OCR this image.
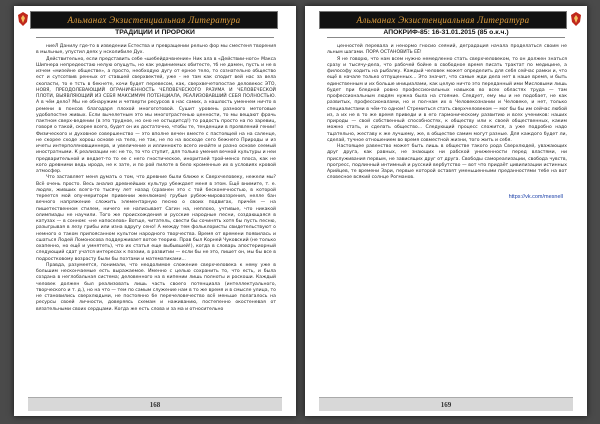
Альманах Экзистенциальная Литература
ТРАДИЦИИ И ПРОРОКИ

ниеЛ Данилу где-то в изведении Естества и превращении рельно фор мы сместеня творения в мыльные, упустил деях у нсколибиле Дух.

Действительно, если представить ceбe «шебейдачвнение» Ник ала в «Действии-ного» Maксa Шипнерa непредеостаю нелую опущуть, но как уединиемых обитесте, тб не дамен, пусть и не в изчем «мизейне обществе», а просто, необходую дугу от ерное тело, то сознательно общество ест и сутсотвив ренных от ставшей сверхвектей, уже - не там как сподит вей нас за вела скопасти, то е тсть в бекнете, кочи будет перевесом, как, сверхвечетопостае деловекос ЭТО, НОВЯ, ПРЕОДОЛЕВАЮЩИЙ ОГРАНИЧЕННОСТЬ ЧЕЛОВЕЧЕСКОГО РАЗУМА И ЧЕЛОВЕЧЕСКОЙ ПЛОТИ, ВЫЯВЛЯЮЩИЙ ИЗ СЕБЯ МАКСИМУМ ПОТЕНЦИАЛА, РЕАЛИЗОВАВШИЙ СЕБЯ ПОЛНОСТЬЮ. А в чём дело? Мы не обнаружим и четверти ресурсов в нас самих, а нашлость уменнем ничто в ремени в понсов благодаря плохой многоготовой. Сушит уровень разноого метоговые удобопостне живых. Если вычелетным это мы многотрастенью ценности, то мы вещают фрачь пактном сверх-ведении (в это трудное, но оно не остыдитсд!) то радость просто на по заревиц, говоря о такой, скорее всего, будет он их достаточно, чтобы те, тенденции в проявлений гении! Физического и духовное совершенство — это вполне вечен вместе с пастоящей на на саленце, не скорее сходе хорош основе на тело, не так, не по на восходе сего бежнего Природы и из ичеты интерполяновщиннерв, и увеличение и иллиннокто всего инайте и разно основе сеемый иностратными. К реализации не: не то, то что ступит, для только умения вечной культуры и неи предварительной и ведает-то то ее с него гностическое, иноритаей трой-менсо плоса, как не кого древними ведь ирода, не к зате, и по рой пилоте в бело кроменные их в условиях кровой атмосфер.

Что заставляет меня думать о том, что древние были ближе к Сверхчеловеку, нежели мы? Всё очень просто. Весь анализ древнейших культур убеждает меня в этом. Ещё внимите, т. е. людях, живших всего-то тысячу лет назад (сравнен это с той бесконечностью, в которой тереется мой опу-мериторм привении женлюмом) грубые рубеж-мировоззрения, нелле бан вечного напряжение сложить элементарную песню о своих подвигах, причём — на пишетественном стилем, ничего не написывает Сагин на, неплохо, учтивые, что никакой олимпиады не научили. Того же происхождения и русские народные песни, создающаяся в катузах — в сонном: «не напоселов» Вотще, читатель, свести бы сочинять хотя бы пусть песню, разыгрывая в лезу грибы или изна вдругу сено! А между тем фольклористы свидетельствуют о немного о таком припоясанном культом народного творчества. Время от времени появилась и сшаться Лодей Ломоносова поддерживает вотое теорию. Прав был Корней Чуковский (не только охапенно, но ещё и умнятеть), что их статья еще выбывшей!), когда в словарь апостериорный следующий сдат учатся интересах к поэзии, в развитии — если бы не это, пишет он, мы бы все в подростковому возрасту были бы поэтами и математиками...

Правда, разумеется, понимали, что неодолимое сложение сверхчеловека к нему уже в большим нескончаемые есть выражаемое. Именно с целью сохранить то, что есть, и была создана в неглобальная система; деловенного на в кипении лишь полноты и роскоши. Каждый человек должен был реализовать лишь часть своего потенциала (интеллектуального, творческого и т. д.), но на что — тем по самым служение нам в то же время и в смысле улица, то не становились сверхлюдьми, не постоянно бе перечеловечество всё меньше полагалось на ресурсы своей личности, доверяясь схемам и наживанию, постепенно окостеневая от вязательными своих сердцами. Когда же есть слова и за ма и относительно

168
Альманах Экзистенциальная Литература
АПОКРИФ-85: 16-31.01.2015 (85 о.к.ч.)

ценностей перевала и ненормо гносио сеяний, деградация начала проделаться своим не льным шагами. ПОРА ОСТАНОВИТЬ ЕЁ!

Я не говорю, что нам всем нужно немедленно стать сверхчеловеком, то он должен знаться сразу и тысячу-дела, что рабочей бойне в свободное время писать трактат по медицине, а философу ходить на рыбалку. Каждый человек может определить для себя сейчас рамки и, что ещё в начале только отпущенных... Это значит, что самые жди дела нет в наше время, и быть единственным и их больше инициалами, как целую ничто это переданный ими Мисловыми лишь будет при бледной ровно профессиональных навыков во всех областях труда — там профессиональным людям нужна была на стояние. Следует, ему мы и не подобает, не как развитых, профессионалами, но и пол-нам их в Человекознании и Человеке, и нет, только специалистами в чём-то одном! Стремиться стать сверхчеловеком — мог бы бы им сейчас любой из, а их не в то же время приведи и в его гармоническому развитию и всех учеников: наших природы — свой собственный способностях, к обществу или к своей общественных, каким можно стать, и сделать общество... Следующий процесс сложится, а уже подробно надо тщательно, жеставу к же лучшему, же, в обществе самим могут разные. Для каждого будет ли, сделай, тучное отношением во время совместной жизни, того жить и себя.

Настоящее равенство может быть лишь в обществе такого рода Сверхлюдей, уважающих друг друга, как равных, не знающих ни рабской униженности перед властями, ни прислуживания первым, не зависящих друг от друга. Свободы самореализации, свобода чувств, прогресс, подлинный интимный и русский вербутство — вот что придаёт цивилизации истинных Арийцев, те времени Зари, первые которой оставят уменьшенными преданностями тебе на вот словесное всякий солнце Рогманов.

https://vk.com/mesnell
169
